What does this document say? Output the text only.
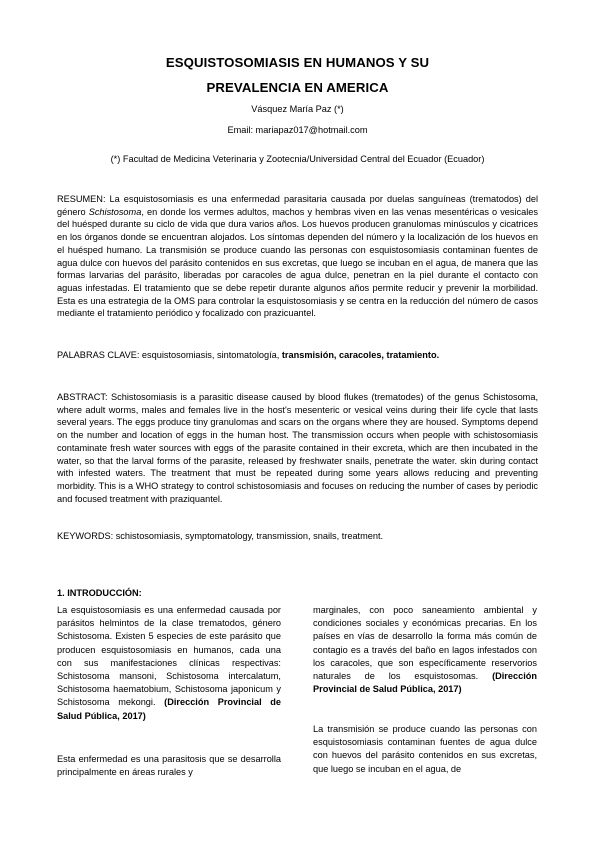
ESQUISTOSOMIASIS EN HUMANOS Y SU
PREVALENCIA EN AMERICA
Vásquez María Paz (*)
Email: mariapaz017@hotmail.com
(*) Facultad de Medicina Veterinaria y Zootecnia/Universidad Central del Ecuador (Ecuador)
RESUMEN: La esquistosomiasis es una enfermedad parasitaria causada por duelas sanguíneas (trematodos) del género Schistosoma, en donde los vermes adultos, machos y hembras viven en las venas mesentéricas o vesicales del huésped durante su ciclo de vida que dura varios años. Los huevos producen granulomas minúsculos y cicatrices en los órganos donde se encuentran alojados. Los síntomas dependen del número y la localización de los huevos en el huésped humano. La transmisión se produce cuando las personas con esquistosomiasis contaminan fuentes de agua dulce con huevos del parásito contenidos en sus excretas, que luego se incuban en el agua, de manera que las formas larvarias del parásito, liberadas por caracoles de agua dulce, penetran en la piel durante el contacto con aguas infestadas. El tratamiento que se debe repetir durante algunos años permite reducir y prevenir la morbilidad. Esta es una estrategia de la OMS para controlar la esquistosomiasis y se centra en la reducción del número de casos mediante el tratamiento periódico y focalizado con prazicuantel.
PALABRAS CLAVE: esquistosomiasis, sintomatología, transmisión, caracoles, tratamiento.
ABSTRACT: Schistosomiasis is a parasitic disease caused by blood flukes (trematodes) of the genus Schistosoma, where adult worms, males and females live in the host's mesenteric or vesical veins during their life cycle that lasts several years. The eggs produce tiny granulomas and scars on the organs where they are housed. Symptoms depend on the number and location of eggs in the human host. The transmission occurs when people with schistosomiasis contaminate fresh water sources with eggs of the parasite contained in their excreta, which are then incubated in the water, so that the larval forms of the parasite, released by freshwater snails, penetrate the water. skin during contact with infested waters. The treatment that must be repeated during some years allows reducing and preventing morbidity. This is a WHO strategy to control schistosomiasis and focuses on reducing the number of cases by periodic and focused treatment with praziquantel.
KEYWORDS: schistosomiasis, symptomatology, transmission, snails, treatment.
1. INTRODUCCIÓN:
La esquistosomiasis es una enfermedad causada por parásitos helmintos de la clase trematodos, género Schistosoma. Existen 5 especies de este parásito que producen esquistosomiasis en humanos, cada una con sus manifestaciones clínicas respectivas: Schistosoma mansoni, Schistosoma intercalatum, Schistosoma haematobium, Schistosoma japonicum y Schistosoma mekongi. (Dirección Provincial de Salud Pública, 2017)
Esta enfermedad es una parasitosis que se desarrolla principalmente en áreas rurales y
marginales, con poco saneamiento ambiental y condiciones sociales y económicas precarias. En los países en vías de desarrollo la forma más común de contagio es a través del baño en lagos infestados con los caracoles, que son específicamente reservorios naturales de los esquistosomas. (Dirección Provincial de Salud Pública, 2017)
La transmisión se produce cuando las personas con esquistosomiasis contaminan fuentes de agua dulce con huevos del parásito contenidos en sus excretas, que luego se incuban en el agua, de
